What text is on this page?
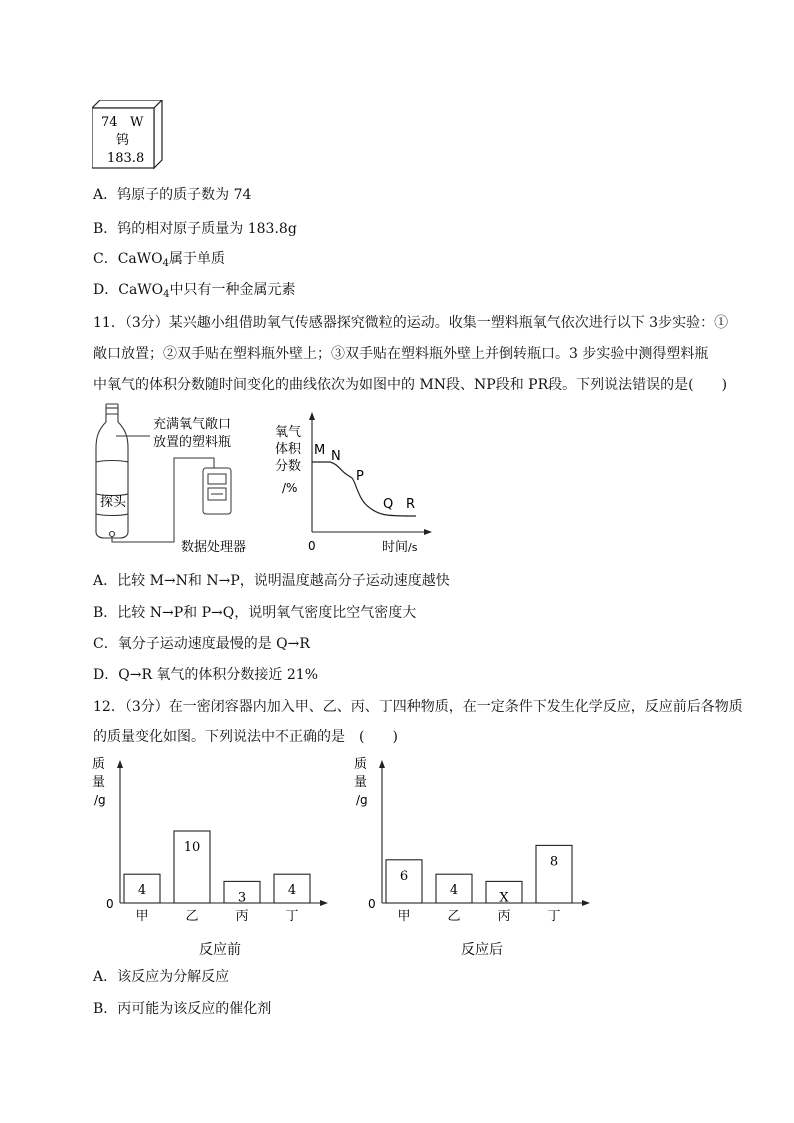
74 W
钨
183.8
A．钨原子的质子数为 74
B．钨的相对原子质量为 183.8g
C．CaWO$_4$属于单质
D．CaWO$_4$中只有一种金属元素
11．（3分）某兴趣小组借助氧气传感器探究微粒的运动。收集一塑料瓶氧气依次进行以下 3步实验：①
敞口放置；②双手贴在塑料瓶外壁上；③双手贴在塑料瓶外壁上并倒转瓶口。3 步实验中测得塑料瓶
中氧气的体积分数随时间变化的曲线依次为如图中的 MN段、NP段和 PR段。下列说法错误的是(　　)
探头
充满氧气敞口
放置的塑料瓶
数据处理器
氧气
体积
分数
/%
M N
P
Q R
0	时间/s
A．比较 M→N和 N→P，说明温度越高分子运动速度越快
B．比较 N→P和 P→Q，说明氧气密度比空气密度大
C．氧分子运动速度最慢的是 Q→R
D．Q→R 氧气的体积分数接近 21%
12．（3分）在一密闭容器内加入甲、乙、丙、丁四种物质，在一定条件下发生化学反应，反应前后各物质
的质量变化如图。下列说法中不正确的是　(　　)
质
量
/g
0
4
甲
10
乙
3
丙
4
丁
反应前
质
量
/g
0
6
甲
4
乙
X
丙
8
丁
反应后
A．该反应为分解反应
B．丙可能为该反应的催化剂
